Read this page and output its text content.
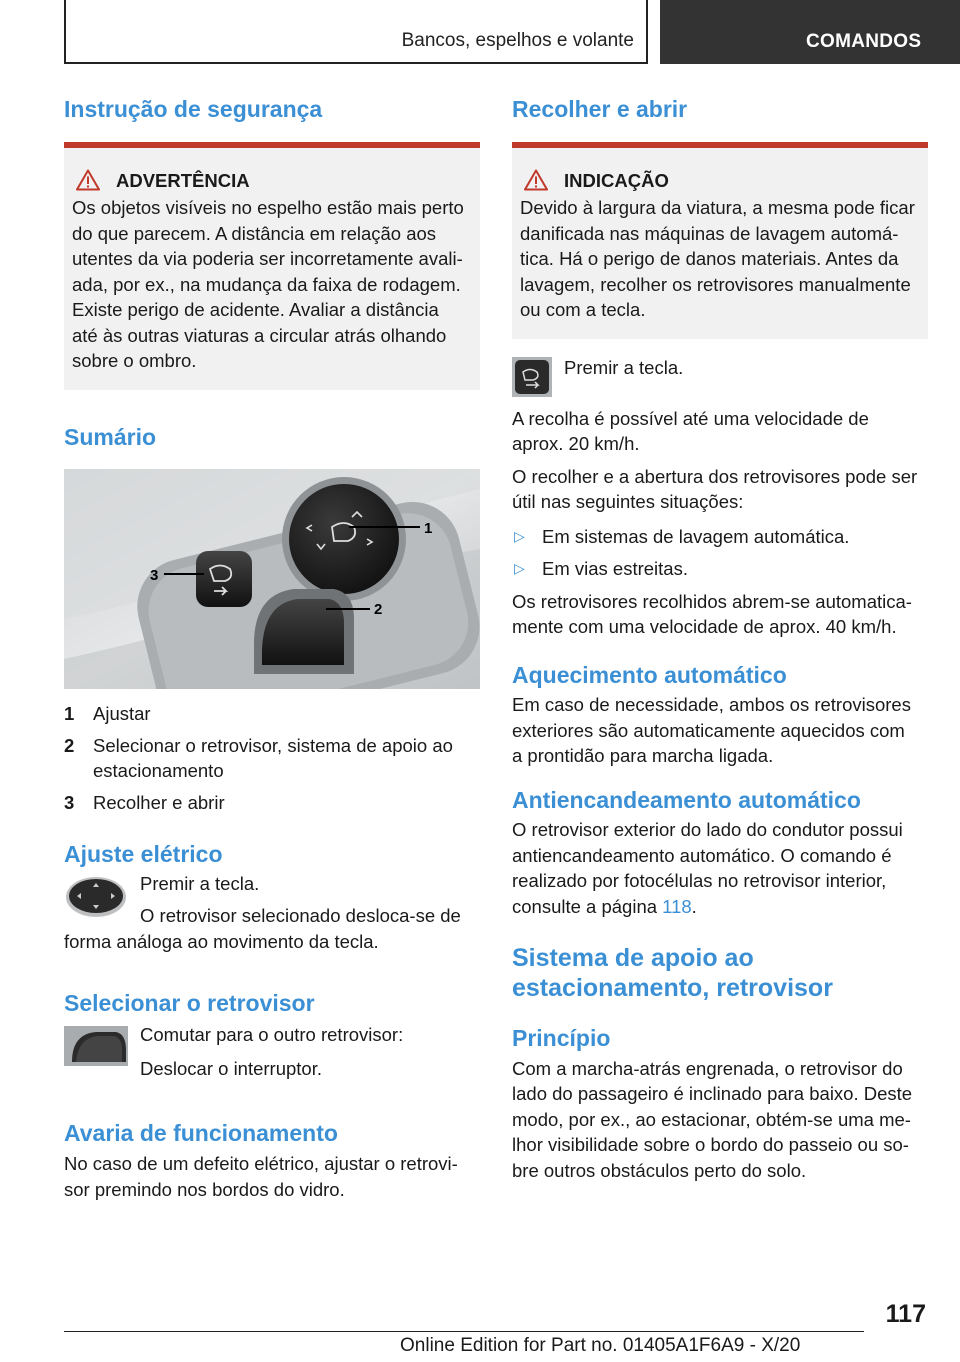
Bancos, espelhos e volante	COMANDOS
Instrução de segurança
ADVERTÊNCIA
Os objetos visíveis no espelho estão mais perto
do que parecem. A distância em relação aos
utentes da via poderia ser incorretamente avali-
ada, por ex., na mudança da faixa de rodagem.
Existe perigo de acidente. Avaliar a distância
até às outras viaturas a circular atrás olhando
sobre o ombro.
Sumário
1
2
3
1	Ajustar
2	Selecionar o retrovisor, sistema de apoio ao
estacionamento
3	Recolher e abrir
Ajuste elétrico

Premir a tecla.

O retrovisor selecionado desloca-se de

forma análoga ao movimento da tecla.

Selecionar o retrovisor

Comutar para o outro retrovisor:

Deslocar o interruptor.

Avaria de funcionamento

No caso de um defeito elétrico, ajustar o retrovi-

sor premindo nos bordos do vidro.

Recolher e abrir
INDICAÇÃO
Devido à largura da viatura, a mesma pode ficar
danificada nas máquinas de lavagem automá-
tica. Há o perigo de danos materiais. Antes da
lavagem, recolher os retrovisores manualmente
ou com a tecla.

Premir a tecla.

A recolha é possível até uma velocidade de

aprox. 20 km/h.

O recolher e a abertura dos retrovisores pode ser

útil nas seguintes situações:

▷ Em sistemas de lavagem automática.
▷ Em vias estreitas.

Os retrovisores recolhidos abrem-se automatica-

mente com uma velocidade de aprox. 40 km/h.

Aquecimento automático

Em caso de necessidade, ambos os retrovisores

exteriores são automaticamente aquecidos com

a prontidão para marcha ligada.

Antiencandeamento automático

O retrovisor exterior do lado do condutor possui

antiencandeamento automático. O comando é

realizado por fotocélulas no retrovisor interior,

consulte a página 118.

Sistema de apoio ao
estacionamento, retrovisor
Princípio

Com a marcha-atrás engrenada, o retrovisor do

lado do passageiro é inclinado para baixo. Deste

modo, por ex., ao estacionar, obtém-se uma me-

lhor visibilidade sobre o bordo do passeio ou so-

bre outros obstáculos perto do solo.

117
Online Edition for Part no. 01405A1F6A9 - X/20
